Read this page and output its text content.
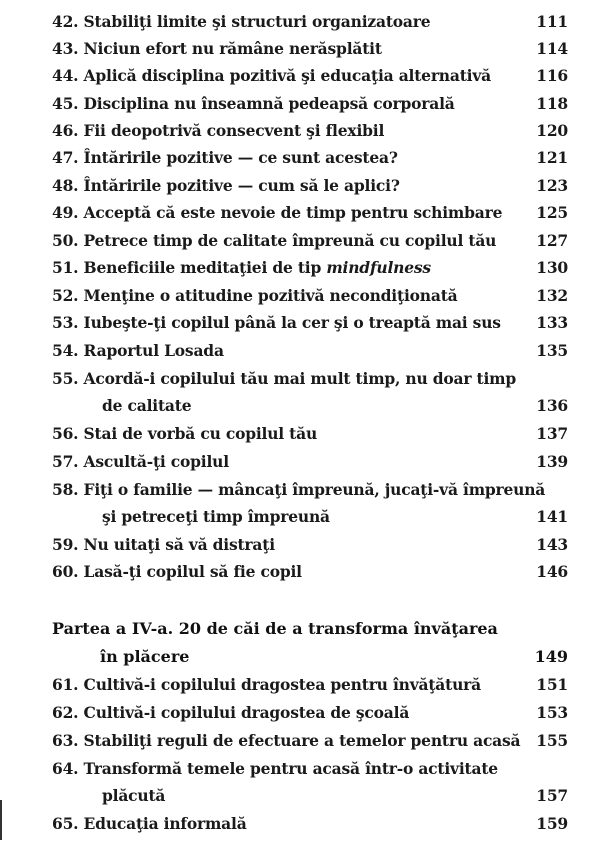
42. Stabiliţi limite şi structuri organizatoare	111
43. Niciun efort nu rămâne nerăsplătit	114
44. Aplică disciplina pozitivă şi educaţia alternativă	116
45. Disciplina nu înseamnă pedeapsă corporală	118
46. Fii deopotrivă consecvent şi flexibil	120
47. Întăririle pozitive — ce sunt acestea?	121
48. Întăririle pozitive — cum să le aplici?	123
49. Acceptă că este nevoie de timp pentru schimbare 125
50. Petrece timp de calitate împreună cu copilul tău	127
51. Beneficiile meditaţiei de tip mindfulness	130
52. Menţine o atitudine pozitivă necondiţionată	132
53. Iubeşte-ţi copilul până la cer şi o treaptă mai sus 133
54. Raportul Losada	135
55. Acordă-i copilului tău mai mult timp, nu doar timp
de calitate	136
56. Stai de vorbă cu copilul tău	137
57. Ascultă-ţi copilul	139
58. Fiţi o familie — mâncaţi împreună, jucaţi-vă împreună
şi petreceţi timp împreună	141
59. Nu uitaţi să vă distraţi	143
60. Lasă-ţi copilul să fie copil	146
Partea a IV-a. 20 de căi de a transforma învăţarea
în plăcere	149
61. Cultivă-i copilului dragostea pentru învăţătură	151
62. Cultivă-i copilului dragostea de şcoală	153
63. Stabiliţi reguli de efectuare a temelor pentru acasă 155
64. Transformă temele pentru acasă într-o activitate
plăcută	157
65. Educaţia informală	159
